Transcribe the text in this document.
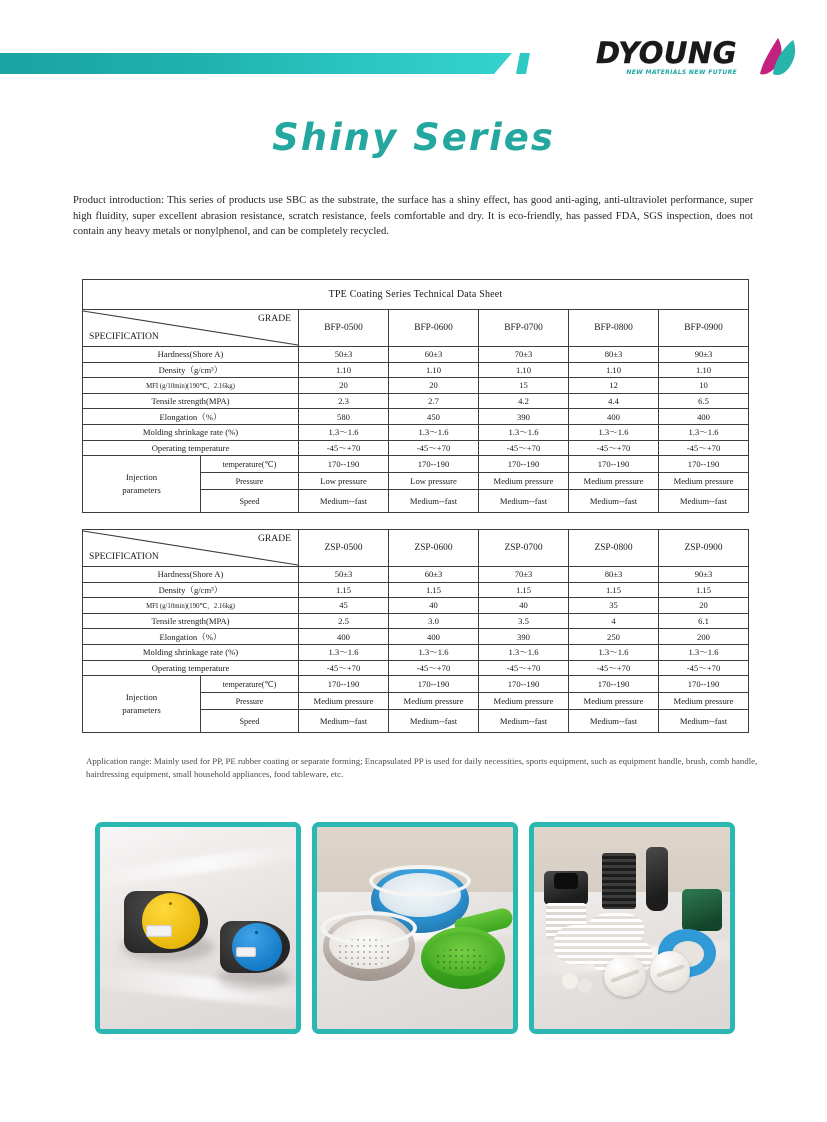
DYOUNG
NEW MATERIALS NEW FUTURE
Shiny Series
Product introduction: This series of products use SBC as the substrate, the surface has a shiny effect, has good anti-aging, anti-ultraviolet performance, super high fluidity, super excellent abrasion resistance, scratch resistance, feels comfortable and dry. It is eco-friendly, has passed FDA, SGS inspection, does not contain any heavy metals or nonylphenol, and can be completely recycled.
TPE Coating Series Technical Data Sheet						

GRADE
SPECIFICATION		BFP-0500	BFP-0600	BFP-0700	BFP-0800	BFP-0900
Hardness(Shore A)		50±3	60±3	70±3	80±3	90±3
Density（g/cm³）		1.10	1.10	1.10	1.10	1.10
MFI (g/10min)(190℃，2.16kg)		20	20	15	12	10
Tensile strength(MPA)		2.3	2.7	4.2	4.4	6.5
Elongation（%）		580	450	390	400	400
Molding shrinkage rate (%)		1.3～1.6	1.3～1.6	1.3～1.6	1.3～1.6	1.3～1.6
Operating temperature		-45～+70	-45～+70	-45～+70	-45～+70	-45～+70
Injection
parameters	temperature(℃)	170--190	170--190	170--190	170--190	170--190
	Pressure	Low pressure	Low pressure	Medium pressure	Medium pressure	Medium pressure
	Speed	Medium--fast	Medium--fast	Medium--fast	Medium--fast	Medium--fast
GRADE
SPECIFICATION		ZSP-0500	ZSP-0600	ZSP-0700	ZSP-0800	ZSP-0900
Hardness(Shore A)		50±3	60±3	70±3	80±3	90±3
Density（g/cm³）		1.15	1.15	1.15	1.15	1.15
MFI (g/10min)(190℃，2.16kg)		45	40	40	35	20
Tensile strength(MPA)		2.5	3.0	3.5	4	6.1
Elongation（%）		400	400	390	250	200
Molding shrinkage rate (%)		1.3～1.6	1.3～1.6	1.3～1.6	1.3～1.6	1.3～1.6
Operating temperature		-45～+70	-45～+70	-45～+70	-45～+70	-45～+70
Injection
parameters	temperature(℃)	170--190	170--190	170--190	170--190	170--190
	Pressure	Medium pressure	Medium pressure	Medium pressure	Medium pressure	Medium pressure
	Speed	Medium--fast	Medium--fast	Medium--fast	Medium--fast	Medium--fast
Application range: Mainly used for PP, PE rubber coating or separate forming; Encapsulated PP is used for daily necessities, sports equipment, such as equipment handle, brush, comb handle, hairdressing equipment, small household appliances, food tableware, etc.
